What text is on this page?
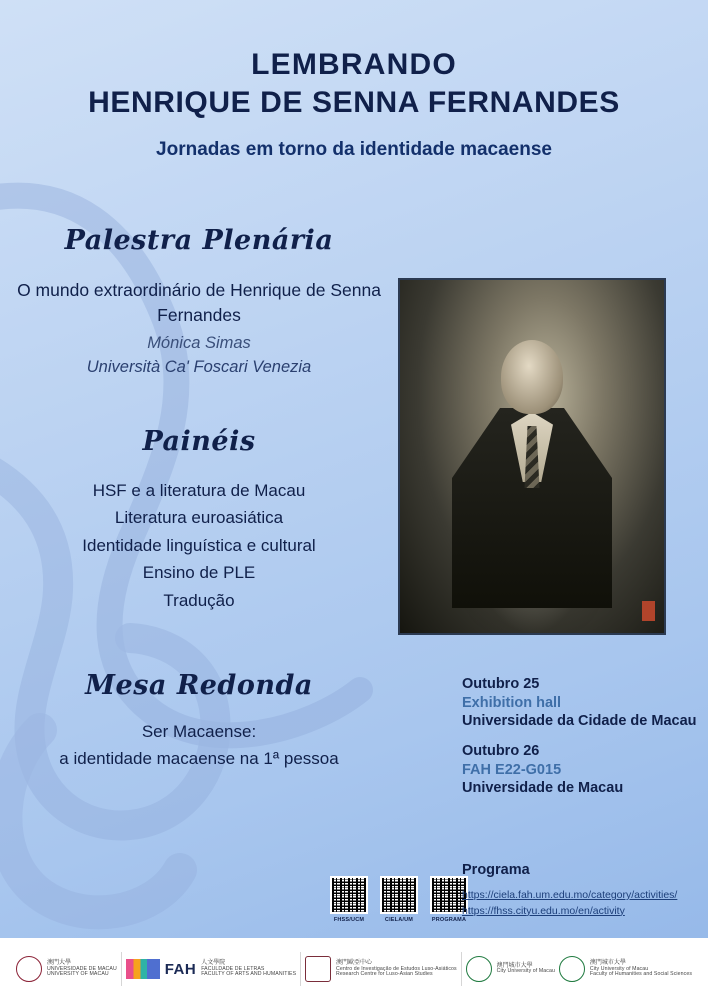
LEMBRANDO
HENRIQUE DE SENNA FERNANDES
Jornadas em torno da identidade macaense
Palestra Plenária
O mundo extraordinário de Henrique de Senna Fernandes
Mónica Simas
Università Ca' Foscari Venezia
Painéis
HSF e a literatura de Macau
Literatura euroasiática
Identidade linguística e cultural
Ensino de PLE
Tradução
Mesa Redonda
Ser Macaense:
a identidade macaense na 1ª pessoa
Outubro 25
Exhibition hall
Universidade da Cidade de Macau
Outubro 26
FAH E22-G015
Universidade de Macau
FHSS/UCM	CIELA/UM	PROGRAMA
Programa
https://ciela.fah.um.edu.mo/category/activities/
https://fhss.cityu.edu.mo/en/activity
澳門大學
UNIVERSIDADE DE MACAU
UNIVERSITY OF MACAU	FAH 人文學院
FACULDADE DE LETRAS
FACULTY OF ARTS AND HUMANITIES
澳門歐亞中心
Centro de Investigação de Estudos Luso-Asiáticos
Research Centre for Luso-Asian Studies
澳門城市大學
City University of Macau
澳門城市大學
City University of Macau
Faculty of Humanities and Social Sciences
